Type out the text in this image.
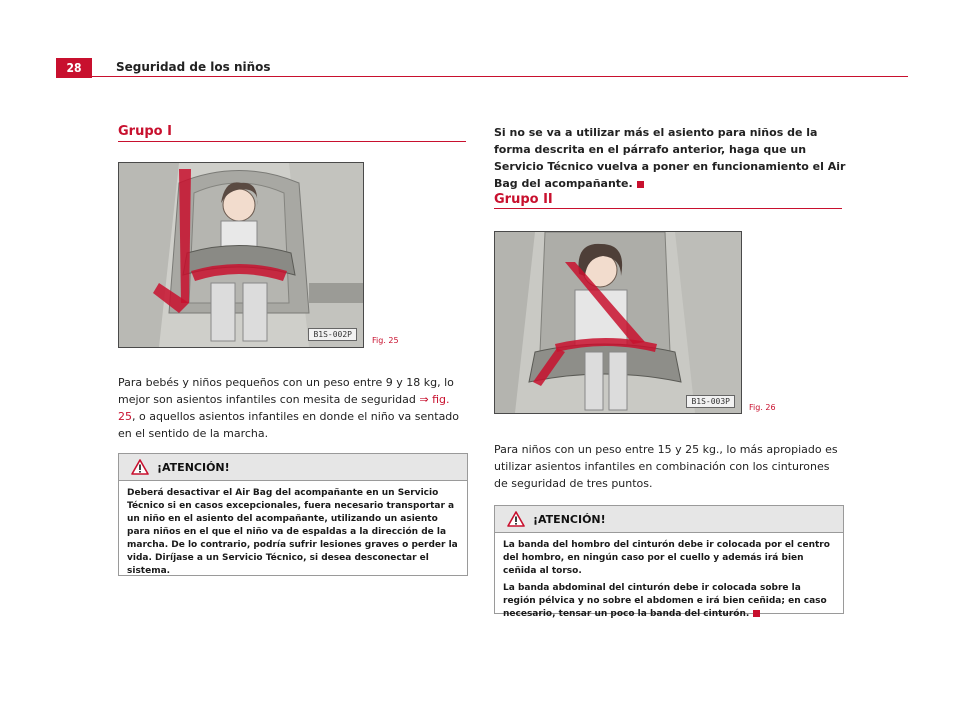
28	Seguridad de los niños
Grupo I
B1S-002P
Fig. 25
Para bebés y niños pequeños con un peso entre 9 y 18 kg, lo mejor son asientos infantiles con mesita de seguridad ⇒ fig. 25, o aquellos asientos infantiles en donde el niño va sentado en el sentido de la marcha.
¡ATENCIÓN!

Deberá desactivar el Air Bag del acompañante en un Servicio Técnico si en casos excepcionales, fuera necesario transportar a un niño en el asiento del acompañante, utilizando un asiento para niños en el que el niño va de espaldas a la dirección de la marcha. De lo contrario, podría sufrir lesiones graves o perder la vida. Diríjase a un Servicio Técnico, si desea desconectar el sistema.

Si no se va a utilizar más el asiento para niños de la forma descrita en el párrafo anterior, haga que un Servicio Técnico vuelva a poner en funcionamiento el Air Bag del acompañante.
Grupo II
B1S-003P
Fig. 26
Para niños con un peso entre 15 y 25 kg., lo más apropiado es utilizar asientos infantiles en combinación con los cinturones de seguridad de tres puntos.
¡ATENCIÓN!

La banda del hombro del cinturón debe ir colocada por el centro del hombro, en ningún caso por el cuello y además irá bien ceñida al torso.

La banda abdominal del cinturón debe ir colocada sobre la región pélvica y no sobre el abdomen e irá bien ceñida; en caso necesario, tensar un poco la banda del cinturón.
